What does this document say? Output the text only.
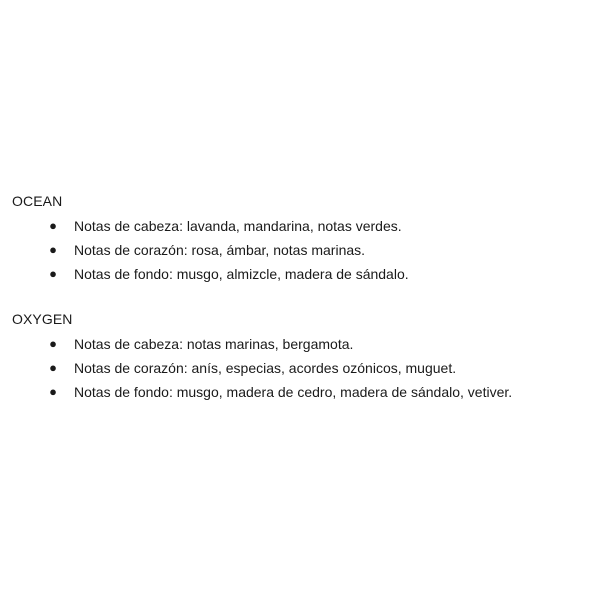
OCEAN
● Notas de cabeza: lavanda, mandarina, notas verdes.
● Notas de corazón: rosa, ámbar, notas marinas.
● Notas de fondo: musgo, almizcle, madera de sándalo.
OXYGEN
● Notas de cabeza: notas marinas, bergamota.
● Notas de corazón: anís, especias, acordes ozónicos, muguet.
● Notas de fondo: musgo, madera de cedro, madera de sándalo, vetiver.
